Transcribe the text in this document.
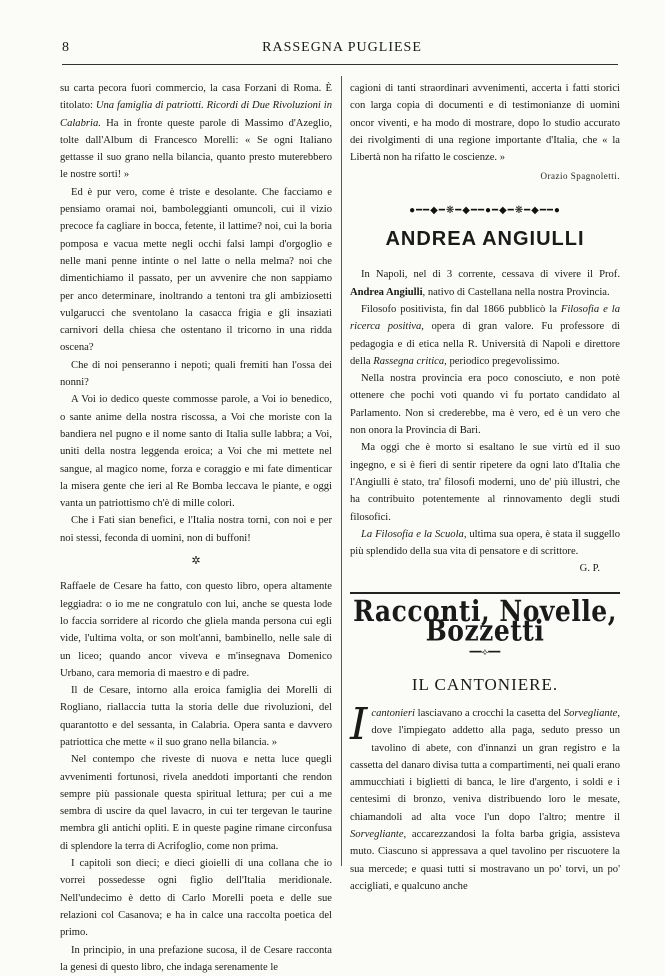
8	RASSEGNA PUGLIESE

su carta pecora fuori commercio, la casa Forzani di Roma. È titolato: Una famiglia di patriotti. Ricordi di Due Rivoluzioni in Calabria. Ha in fronte queste parole di Massimo d'Azeglio, tolte dall'Album di Francesco Morelli: « Se ogni Italiano gettasse il suo grano nella bilancia, quanto presto muterebbero le nostre sorti! »

Ed è pur vero, come è triste e desolante. Che facciamo e pensiamo oramai noi, bamboleggianti omuncoli, cui il vizio precoce fa cagliare in bocca, fetente, il lattime? noi, cui la boria pomposa e vacua mette negli occhi falsi lampi d'orgoglio e nelle mani penne intinte o nel latte o nella melma? noi che dimentichiamo il passato, per un avvenire che non sappiamo per anco determinare, inoltrando a tentoni tra gli ambiziosetti vulgarucci che sventolano la casacca frigia e gli insaziati carnivori della chiesa che ostentano il tricorno in una ridda oscena?

Che di noi penseranno i nepoti; quali fremiti han l'ossa dei nonni?

A Voi io dedico queste commosse parole, a Voi io benedico, o sante anime della nostra riscossa, a Voi che moriste con la bandiera nel pugno e il nome santo di Italia sulle labbra; a Voi, uniti della nostra leggenda eroica; a Voi che mi mettete nel sangue, al magico nome, forza e coraggio e mi fate dimenticar la misera gente che ieri al Re Bomba leccava le piante, e oggi vanta un patriottismo ch'è di mille colori.

Che i Fati sian benefici, e l'Italia nostra torni, con noi e per noi stessi, feconda di uomini, non di buffoni!

✲

Raffaele de Cesare ha fatto, con questo libro, opera altamente leggiadra: o io me ne congratulo con lui, anche se questa lode lo faccia sorridere al ricordo che gliela manda persona cui egli vide, l'ultima volta, or son molt'anni, bambinello, nelle sale di un liceo; quando ancor viveva e m'insegnava Domenico Urbano, cara memoria di maestro e di padre.

Il de Cesare, intorno alla eroica famiglia dei Morelli di Rogliano, riallaccia tutta la storia delle due rivoluzioni, del quarantotto e del sessanta, in Calabria. Opera santa e davvero patriottica che mette « il suo grano nella bilancia. »

Nel contempo che riveste di nuova e netta luce quegli avvenimenti fortunosi, rivela aneddoti importanti che rendon sempre più passionale questa spiritual lettura; per cui a me sembra di uscire da quel lavacro, in cui ter tergevan le taurine membra gli antichi opliti. E in queste pagine rimane circonfusa di splendore la terra di Acrifoglio, come non prima.

I capitoli son dieci; e dieci gioielli di una collana che io vorrei possedesse ogni figlio dell'Italia meridionale. Nell'undecimo è detto di Carlo Morelli poeta e delle sue relazioni col Casanova; e ha in calce una raccolta poetica del primo.

In principio, in una prefazione sucosa, il de Cesare racconta la genesi di questo libro, che indaga serenamente le

cagioni di tanti straordinari avvenimenti, accerta i fatti storici con larga copia di documenti e di testimonianze di uomini oncor viventi, e ha modo di mostrare, dopo lo studio accurato dei rivolgimenti di una regione importante d'Italia, che « la Libertà non ha rifatto le coscienze. »

Orazio Spagnoletti.
●━━◆━❋━◆━━●━◆━❋━◆━━●
ANDREA ANGIULLI

In Napoli, nel di 3 corrente, cessava di vivere il Prof. Andrea Angiulli, nativo di Castellana nella nostra Provincia.

Filosofo positivista, fin dal 1866 pubblicò la Filosofia e la ricerca positiva, opera di gran valore. Fu professore di pedagogia e di etica nella R. Università di Napoli e direttore della Rassegna critica, periodico pregevolissimo.

Nella nostra provincia era poco conosciuto, e non potè ottenere che pochi voti quando vi fu portato candidato al Parlamento. Non si crederebbe, ma è vero, ed è un vero che non onora la Provincia di Bari.

Ma oggi che è morto si esaltano le sue virtù ed il suo ingegno, e si è fieri di sentir ripetere da ogni lato d'Italia che l'Angiulli è stato, tra' filosofi moderni, uno de' più illustri, che ha contribuito potentemente al rinnovamento degli studi filosofici.

La Filosofia e la Scuola, ultima sua opera, è stata il suggello più splendido della sua vita di pensatore e di scrittore.

G. P.
Racconti, Novelle, Bozzetti
━━⟡━━
IL CANTONIERE.

Icantonieri lasciavano a crocchi la casetta del Sorvegliante, dove l'impiegato addetto alla paga, seduto presso un tavolino di abete, con d'innanzi un gran registro e la cassetta del danaro divisa tutta a compartimenti, nei quali erano ammucchiati i biglietti di banca, le lire d'argento, i soldi e i centesimi di bronzo, veniva distribuendo loro le mesate, chiamandoli ad alta voce l'un dopo l'altro; mentre il Sorvegliante, accarezzandosi la folta barba grigia, assisteva muto. Ciascuno si appressava a quel tavolino per riscuotere la sua mercede; e quasi tutti si mostravano un po' torvi, un po' accigliati, e qualcuno anche
